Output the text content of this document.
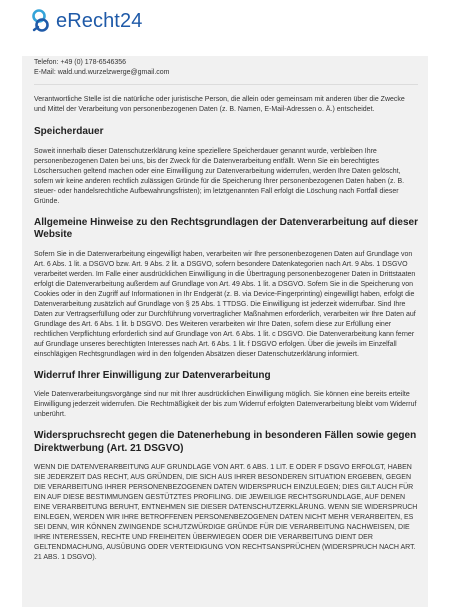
eRecht24

Telefon: +49 (0) 178-6546356

E-Mail: wald.und.wurzelzwerge@gmail.com

Verantwortliche Stelle ist die natürliche oder juristische Person, die allein oder gemeinsam mit anderen über die Zwecke und Mittel der Verarbeitung von personenbezogenen Daten (z. B. Namen, E-Mail-Adressen o. Ä.) entscheidet.

Speicherdauer

Soweit innerhalb dieser Datenschutzerklärung keine speziellere Speicherdauer genannt wurde, verbleiben Ihre personenbezogenen Daten bei uns, bis der Zweck für die Datenverarbeitung entfällt. Wenn Sie ein berechtigtes Löschersuchen geltend machen oder eine Einwilligung zur Datenverarbeitung widerrufen, werden Ihre Daten gelöscht, sofern wir keine anderen rechtlich zulässigen Gründe für die Speicherung Ihrer personenbezogenen Daten haben (z. B. steuer- oder handelsrechtliche Aufbewahrungsfristen); im letztgenannten Fall erfolgt die Löschung nach Fortfall dieser Gründe.

Allgemeine Hinweise zu den Rechtsgrundlagen der Datenverarbeitung auf dieser Website

Sofern Sie in die Datenverarbeitung eingewilligt haben, verarbeiten wir Ihre personenbezogenen Daten auf Grundlage von Art. 6 Abs. 1 lit. a DSGVO bzw. Art. 9 Abs. 2 lit. a DSGVO, sofern besondere Datenkategorien nach Art. 9 Abs. 1 DSGVO verarbeitet werden. Im Falle einer ausdrücklichen Einwilligung in die Übertragung personenbezogener Daten in Drittstaaten erfolgt die Datenverarbeitung außerdem auf Grundlage von Art. 49 Abs. 1 lit. a DSGVO. Sofern Sie in die Speicherung von Cookies oder in den Zugriff auf Informationen in Ihr Endgerät (z. B. via Device-Fingerprinting) eingewilligt haben, erfolgt die Datenverarbeitung zusätzlich auf Grundlage von § 25 Abs. 1 TTDSG. Die Einwilligung ist jederzeit widerrufbar. Sind Ihre Daten zur Vertragserfüllung oder zur Durchführung vorvertraglicher Maßnahmen erforderlich, verarbeiten wir Ihre Daten auf Grundlage des Art. 6 Abs. 1 lit. b DSGVO. Des Weiteren verarbeiten wir Ihre Daten, sofern diese zur Erfüllung einer rechtlichen Verpflichtung erforderlich sind auf Grundlage von Art. 6 Abs. 1 lit. c DSGVO. Die Datenverarbeitung kann ferner auf Grundlage unseres berechtigten Interesses nach Art. 6 Abs. 1 lit. f DSGVO erfolgen. Über die jeweils im Einzelfall einschlägigen Rechtsgrundlagen wird in den folgenden Absätzen dieser Datenschutzerklärung informiert.

Widerruf Ihrer Einwilligung zur Datenverarbeitung

Viele Datenverarbeitungsvorgänge sind nur mit Ihrer ausdrücklichen Einwilligung möglich. Sie können eine bereits erteilte Einwilligung jederzeit widerrufen. Die Rechtmäßigkeit der bis zum Widerruf erfolgten Datenverarbeitung bleibt vom Widerruf unberührt.

Widerspruchsrecht gegen die Datenerhebung in besonderen Fällen sowie gegen Direktwerbung (Art. 21 DSGVO)

WENN DIE DATENVERARBEITUNG AUF GRUNDLAGE VON ART. 6 ABS. 1 LIT. E ODER F DSGVO ERFOLGT, HABEN SIE JEDERZEIT DAS RECHT, AUS GRÜNDEN, DIE SICH AUS IHRER BESONDEREN SITUATION ERGEBEN, GEGEN DIE VERARBEITUNG IHRER PERSONENBEZOGENEN DATEN WIDERSPRUCH EINZULEGEN; DIES GILT AUCH FÜR EIN AUF DIESE BESTIMMUNGEN GESTÜTZTES PROFILING. DIE JEWEILIGE RECHTSGRUNDLAGE, AUF DENEN EINE VERARBEITUNG BERUHT, ENTNEHMEN SIE DIESER DATENSCHUTZERKLÄRUNG. WENN SIE WIDERSPRUCH EINLEGEN, WERDEN WIR IHRE BETROFFENEN PERSONENBEZOGENEN DATEN NICHT MEHR VERARBEITEN, ES SEI DENN, WIR KÖNNEN ZWINGENDE SCHUTZWÜRDIGE GRÜNDE FÜR DIE VERARBEITUNG NACHWEISEN, DIE IHRE INTERESSEN, RECHTE UND FREIHEITEN ÜBERWIEGEN ODER DIE VERARBEITUNG DIENT DER GELTENDMACHUNG, AUSÜBUNG ODER VERTEIDIGUNG VON RECHTSANSPRÜCHEN (WIDERSPRUCH NACH ART. 21 ABS. 1 DSGVO).
